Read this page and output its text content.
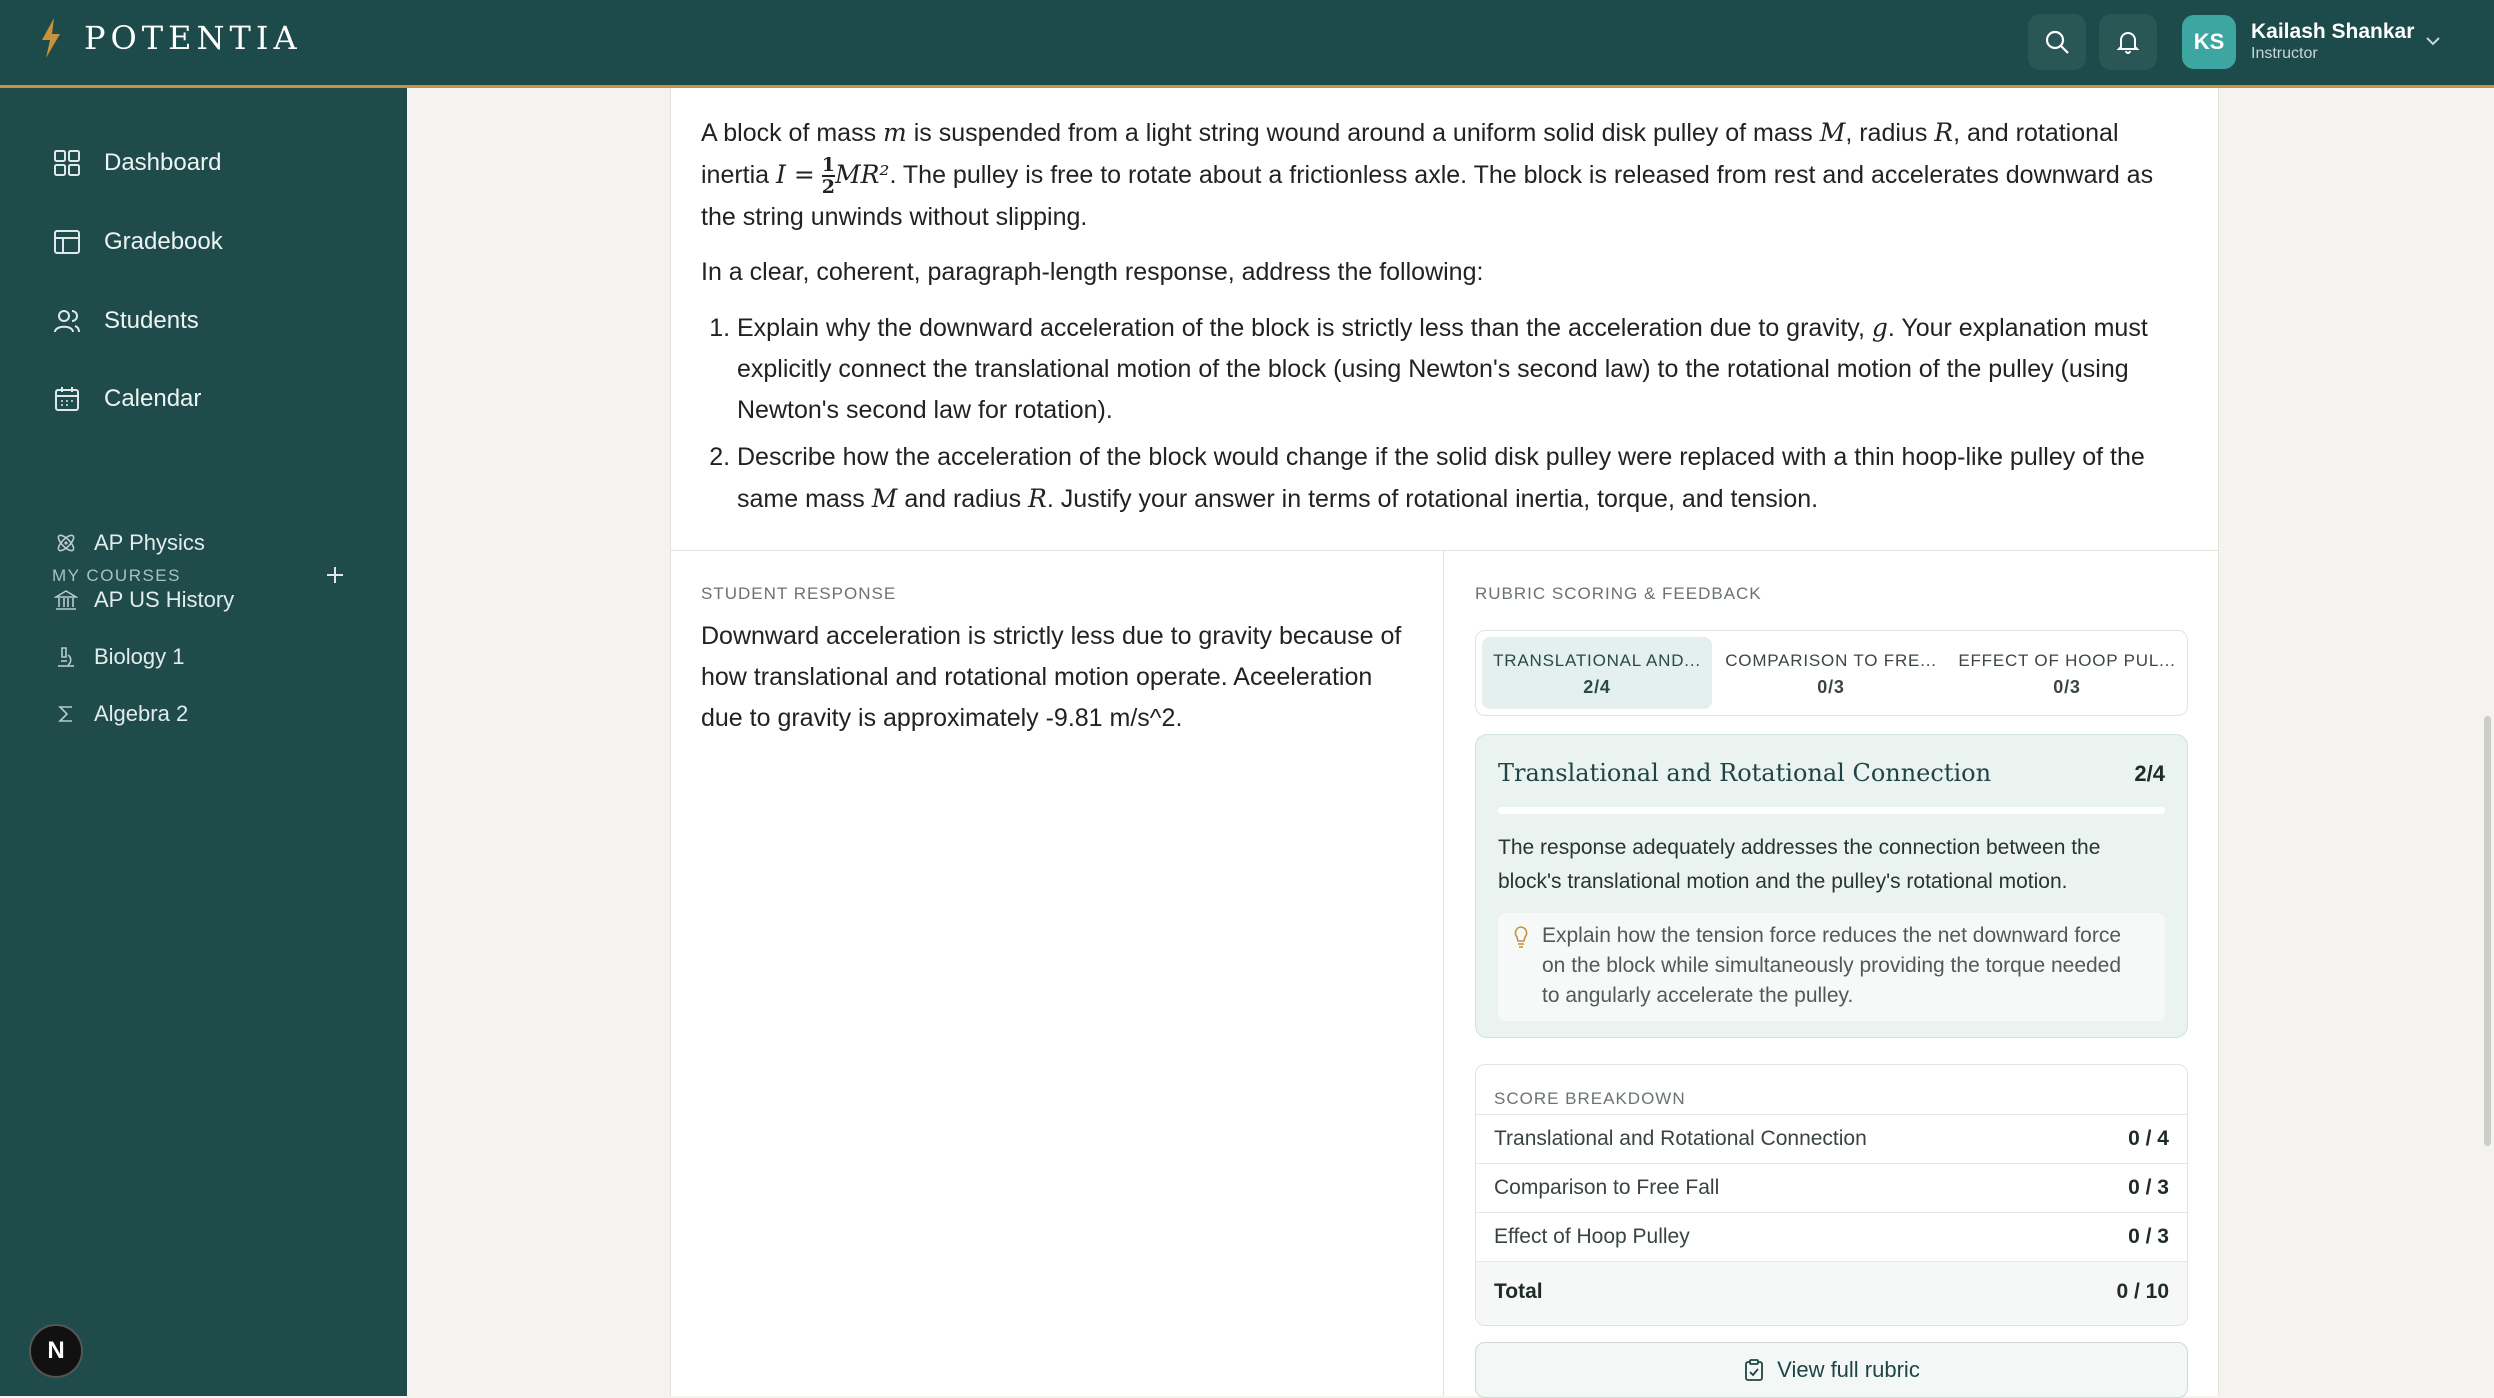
POTENTIA	KS	Kailash Shankar
Instructor
Dashboard
Gradebook
Students
Calendar
MY COURSES
AP Physics
AP US History
Biology 1
Algebra 2
N

A block of mass m is suspended from a light string wound around a uniform solid disk pulley of mass M, radius R, and rotational inertia $I = \frac{1}{2} MR^2$. The pulley is free to rotate about a frictionless axle. The block is released from rest and accelerates downward as the string unwinds without slipping.

In a clear, coherent, paragraph-length response, address the following:

1. Explain why the downward acceleration of the block is strictly less than the acceleration due to gravity, g. Your explanation must explicitly connect the translational motion of the block (using Newton's second law) to the rotational motion of the pulley (using Newton's second law for rotation).
2. Describe how the acceleration of the block would change if the solid disk pulley were replaced with a thin hoop-like pulley of the same mass M and radius R. Justify your answer in terms of rotational inertia, torque, and tension.
STUDENT RESPONSE
Downward acceleration is strictly less due to gravity because of how translational and rotational motion operate. Aceeleration due to gravity is approximately -9.81 m/s^2.
RUBRIC SCORING & FEEDBACK
TRANSLATIONAL AND...
2/4
COMPARISON TO FRE...
0/3
EFFECT OF HOOP PUL...
0/3
Translational and Rotational Connection	2/4
The response adequately addresses the connection between the block's translational motion and the pulley's rotational motion.
Explain how the tension force reduces the net downward force on the block while simultaneously providing the torque needed to angularly accelerate the pulley.
SCORE BREAKDOWN
Translational and Rotational Connection	0 / 4
Comparison to Free Fall	0 / 3
Effect of Hoop Pulley	0 / 3
Total	0 / 10
View full rubric
